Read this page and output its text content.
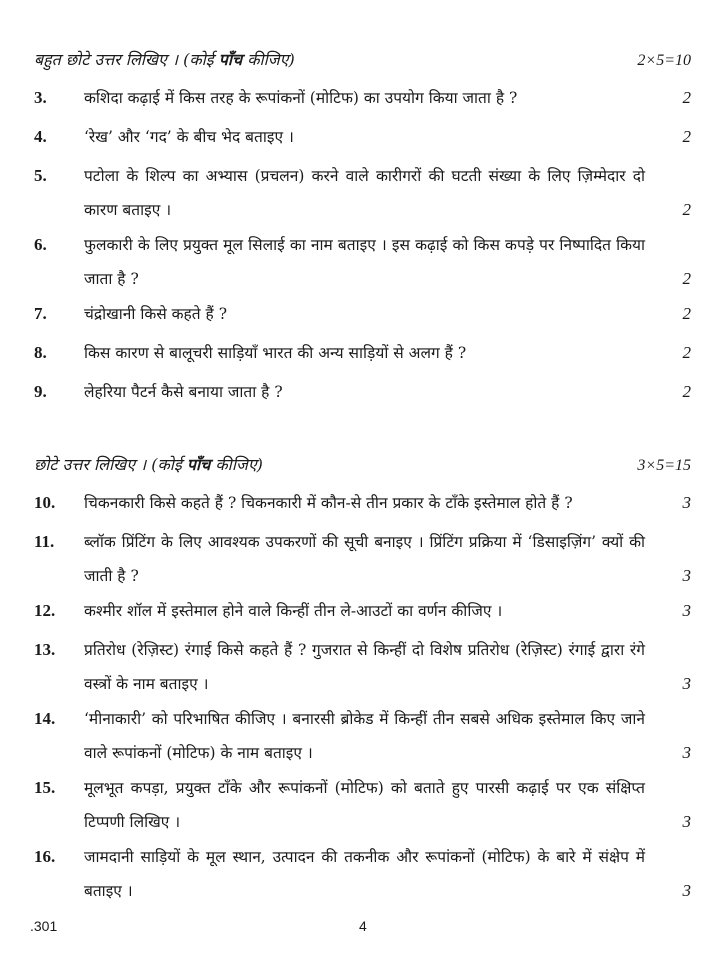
बहुत छोटे उत्तर लिखिए । (कोई पाँच कीजिए)	2×5=10
3. कशिदा कढ़ाई में किस तरह के रूपांकनों (मोटिफ) का उपयोग किया जाता है ?	2
4. ‘रेख’ और ‘गद’ के बीच भेद बताइए ।	2
5. पटोला के शिल्प का अभ्यास (प्रचलन) करने वाले कारीगरों की घटती संख्या के लिए ज़िम्मेदार दो कारण बताइए ।	2
6. फुलकारी के लिए प्रयुक्त मूल सिलाई का नाम बताइए । इस कढ़ाई को किस कपड़े पर निष्पादित किया जाता है ?	2
7. चंद्रोखानी किसे कहते हैं ?	2
8. किस कारण से बालूचरी साड़ियाँ भारत की अन्य साड़ियों से अलग हैं ?	2
9. लेहरिया पैटर्न कैसे बनाया जाता है ?	2
छोटे उत्तर लिखिए । (कोई पाँच कीजिए)	3×5=15
10. चिकनकारी किसे कहते हैं ? चिकनकारी में कौन-से तीन प्रकार के टाँके इस्तेमाल होते हैं ?	3
11. ब्लॉक प्रिंटिंग के लिए आवश्यक उपकरणों की सूची बनाइए । प्रिंटिंग प्रक्रिया में ‘डिसाइज़िंग’ क्यों की जाती है ?	3
12. कश्मीर शॉल में इस्तेमाल होने वाले किन्हीं तीन ले-आउटों का वर्णन कीजिए ।	3
13. प्रतिरोध (रेज़िस्ट) रंगाई किसे कहते हैं ? गुजरात से किन्हीं दो विशेष प्रतिरोध (रेज़िस्ट) रंगाई द्वारा रंगे वस्त्रों के नाम बताइए ।	3
14. ‘मीनाकारी’ को परिभाषित कीजिए । बनारसी ब्रोकेड में किन्हीं तीन सबसे अधिक इस्तेमाल किए जाने वाले रूपांकनों (मोटिफ) के नाम बताइए ।	3
15. मूलभूत कपड़ा, प्रयुक्त टाँके और रूपांकनों (मोटिफ) को बताते हुए पारसी कढ़ाई पर एक संक्षिप्त टिप्पणी लिखिए ।	3
16. जामदानी साड़ियों के मूल स्थान, उत्पादन की तकनीक और रूपांकनों (मोटिफ) के बारे में संक्षेप में बताइए ।	3
.301	4
